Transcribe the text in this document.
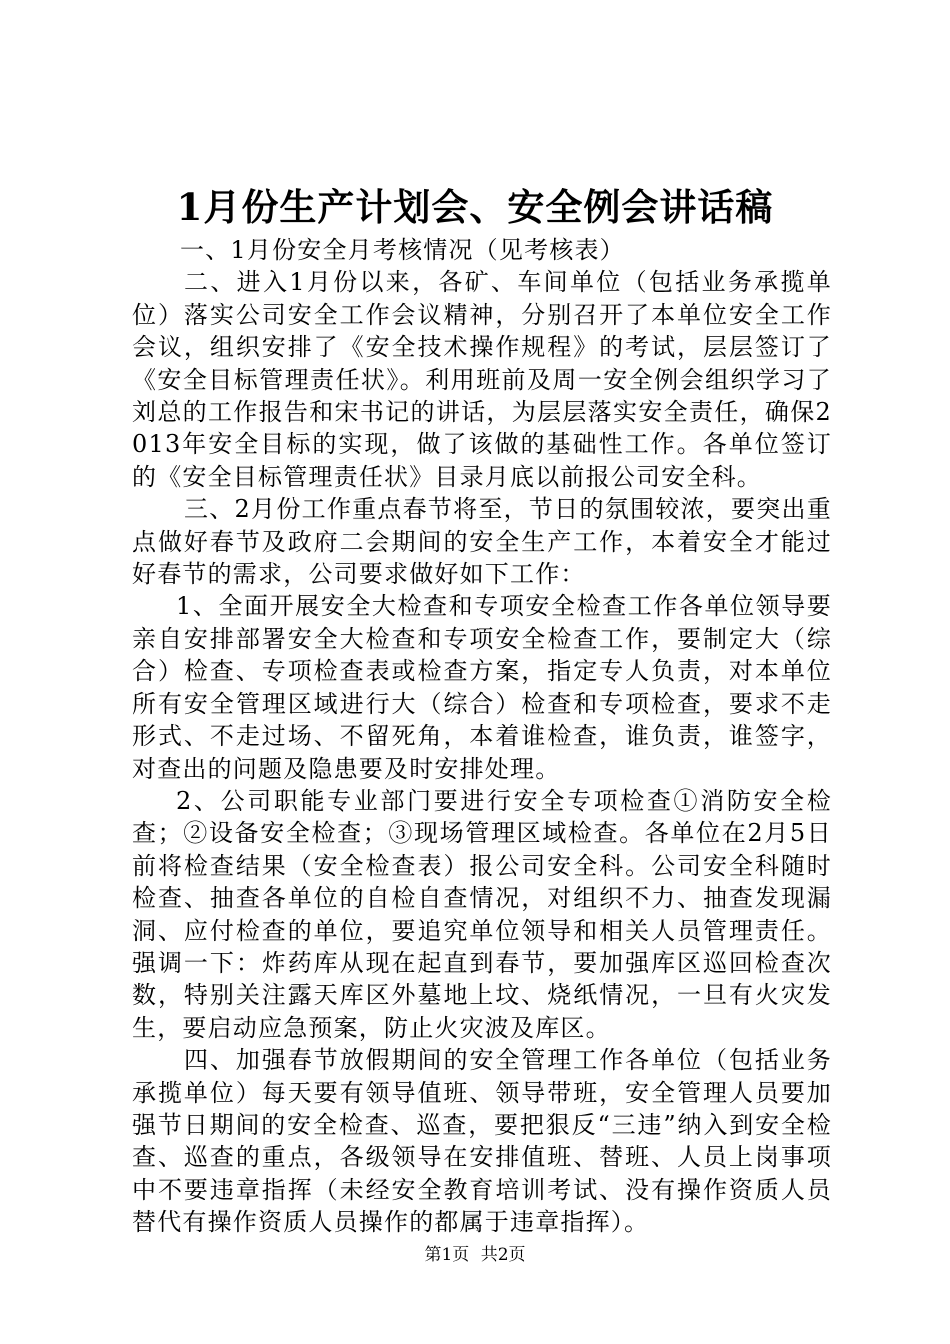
1月份生产计划会、安全例会讲话稿

一、1月份安全月考核情况（见考核表）

二、进入1月份以来，各矿、车间单位（包括业务承揽单位）落实公司安全工作会议精神，分别召开了本单位安全工作会议，组织安排了《安全技术操作规程》的考试，层层签订了《安全目标管理责任状》。利用班前及周一安全例会组织学习了刘总的工作报告和宋书记的讲话，为层层落实安全责任，确保2013年安全目标的实现，做了该做的基础性工作。各单位签订的《安全目标管理责任状》目录月底以前报公司安全科。

三、2月份工作重点春节将至，节日的氛围较浓，要突出重点做好春节及政府二会期间的安全生产工作，本着安全才能过好春节的需求，公司要求做好如下工作：

1、全面开展安全大检查和专项安全检查工作各单位领导要亲自安排部署安全大检查和专项安全检查工作，要制定大（综合）检查、专项检查表或检查方案，指定专人负责，对本单位所有安全管理区域进行大（综合）检查和专项检查，要求不走形式、不走过场、不留死角，本着谁检查，谁负责，谁签字，对查出的问题及隐患要及时安排处理。

2、公司职能专业部门要进行安全专项检查①消防安全检查；②设备安全检查；③现场管理区域检查。各单位在2月5日前将检查结果（安全检查表）报公司安全科。公司安全科随时检查、抽查各单位的自检自查情况，对组织不力、抽查发现漏洞、应付检查的单位，要追究单位领导和相关人员管理责任。强调一下：炸药库从现在起直到春节，要加强库区巡回检查次数，特别关注露天库区外墓地上坟、烧纸情况，一旦有火灾发生，要启动应急预案，防止火灾波及库区。

四、加强春节放假期间的安全管理工作各单位（包括业务承揽单位）每天要有领导值班、领导带班，安全管理人员要加强节日期间的安全检查、巡查，要把狠反“三违”纳入到安全检查、巡查的重点，各级领导在安排值班、替班、人员上岗事项中不要违章指挥（未经安全教育培训考试、没有操作资质人员替代有操作资质人员操作的都属于违章指挥）。

第1页 共2页
